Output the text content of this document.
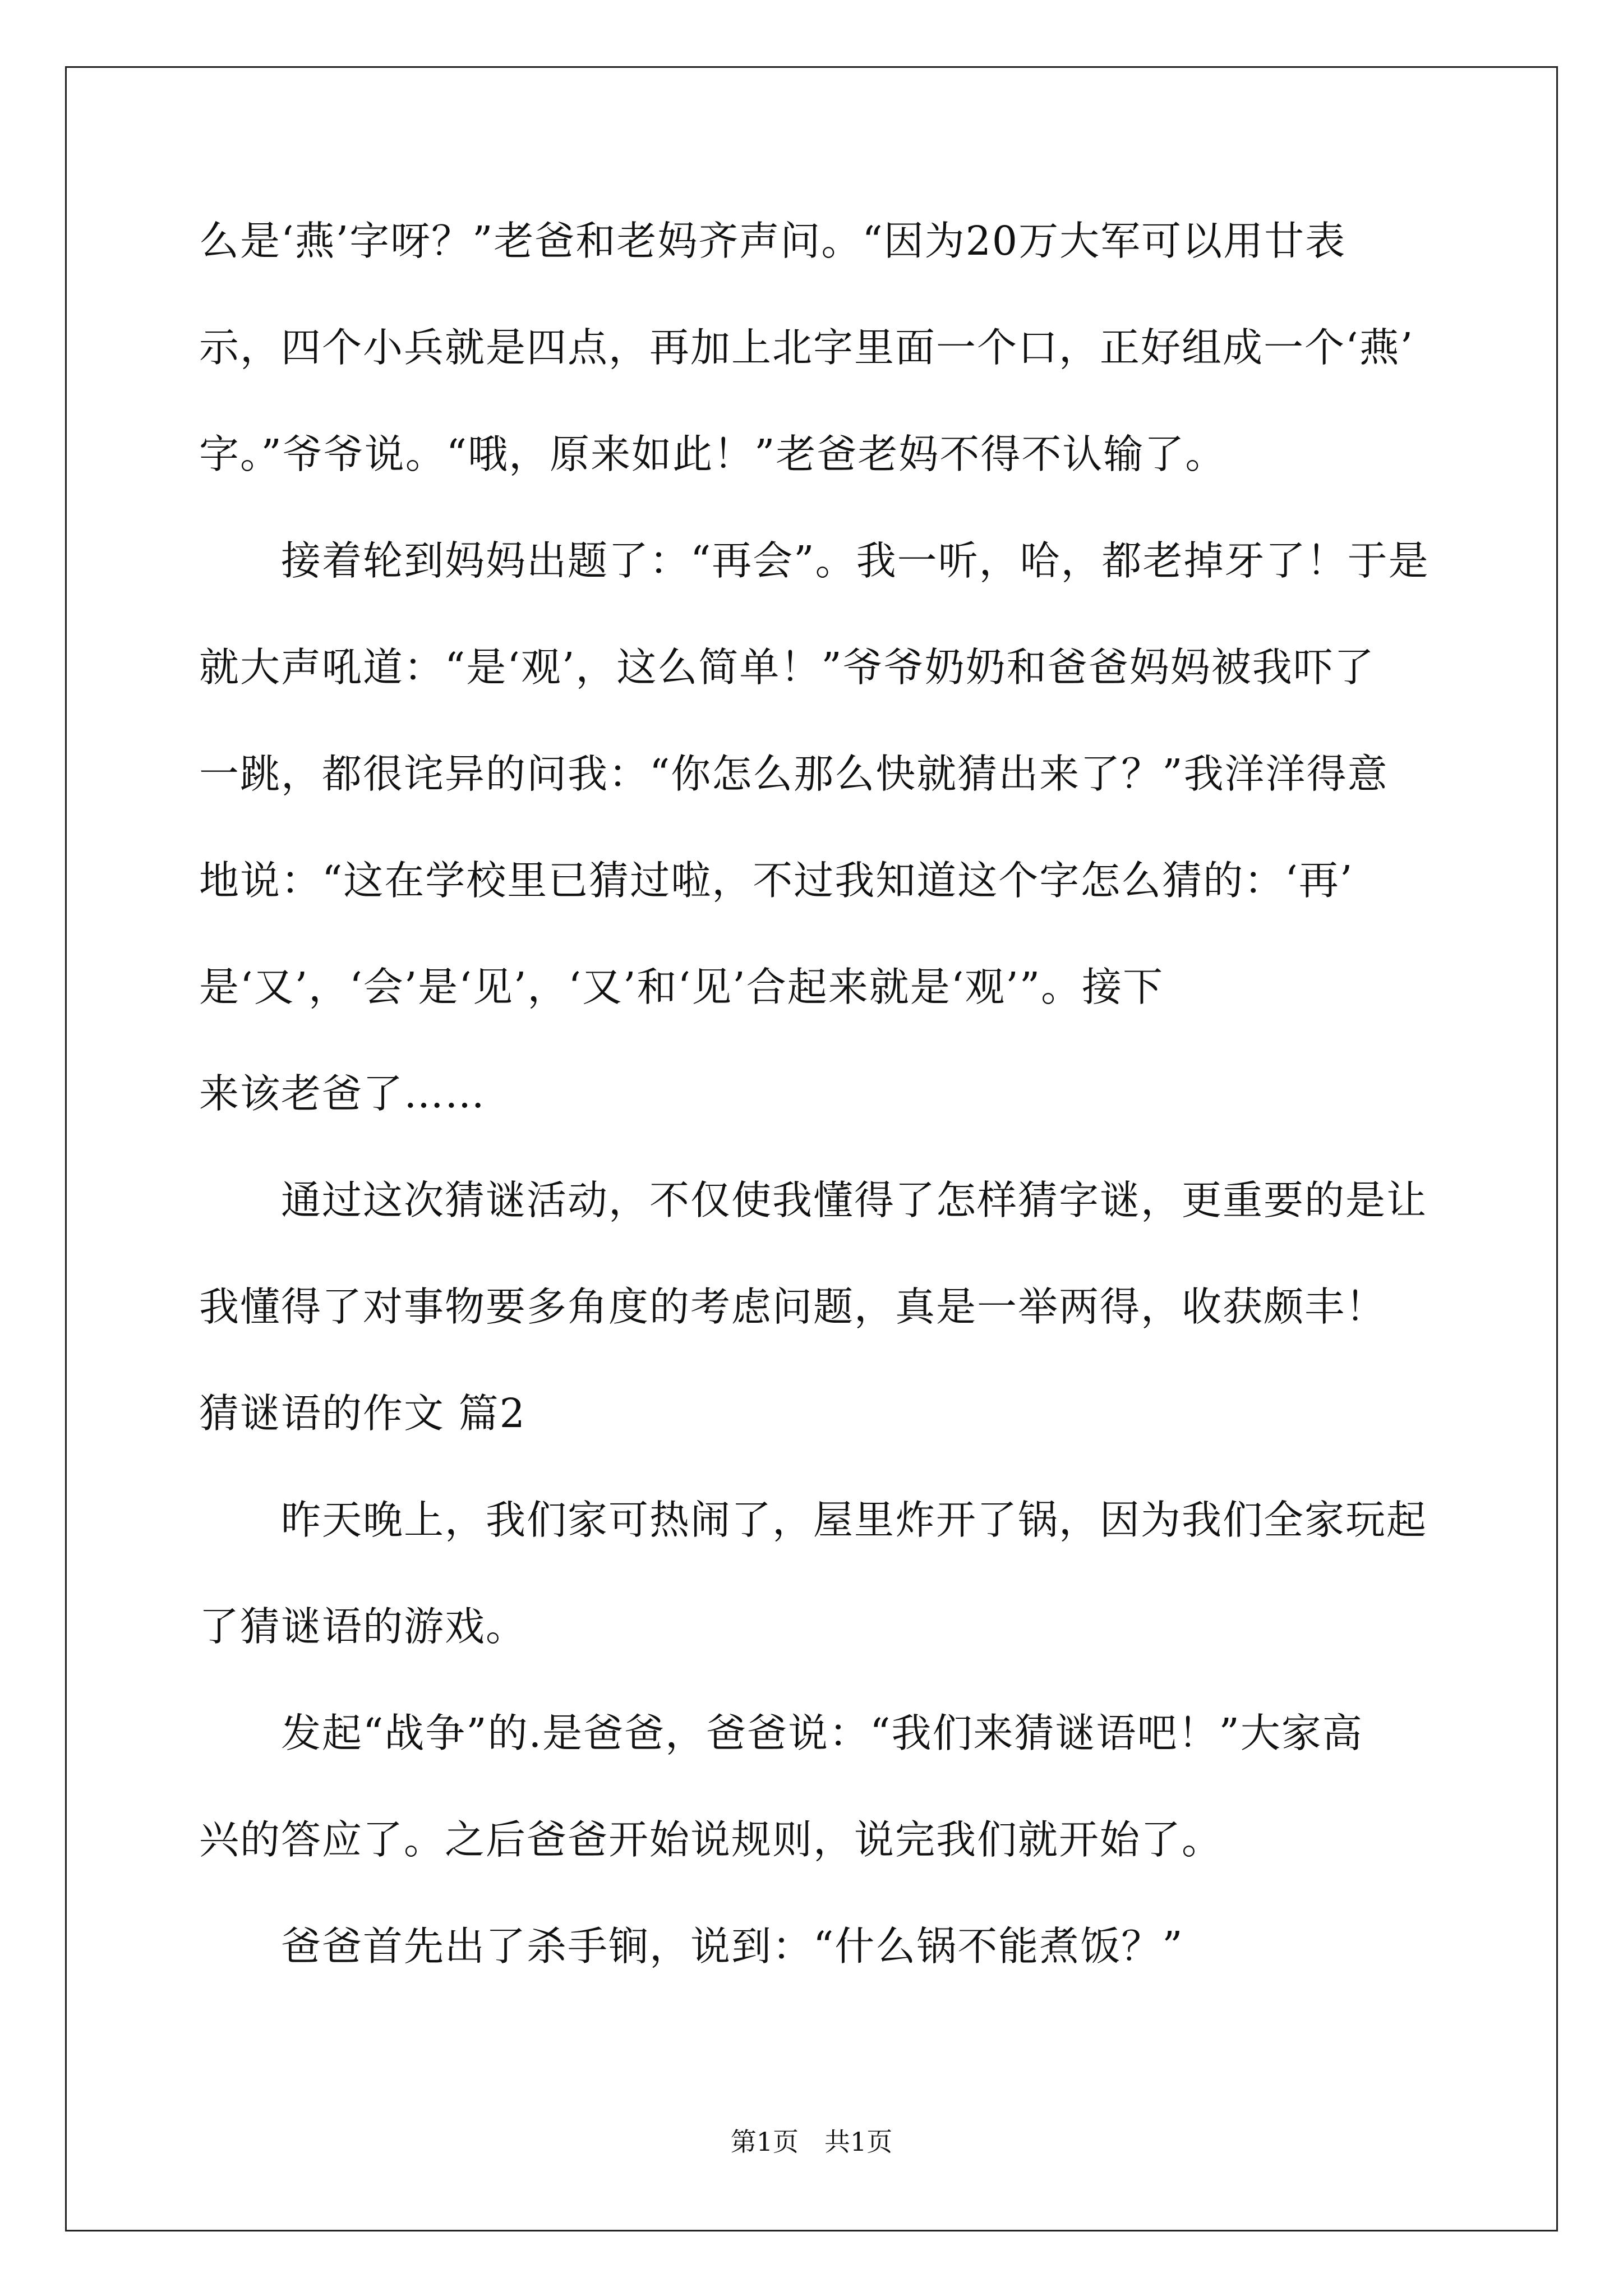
么是‘燕’字呀？”老爸和老妈齐声问。“因为20万大军可以用廿表
示，四个小兵就是四点，再加上北字里面一个口，正好组成一个‘燕’
字。”爷爷说。“哦，原来如此！”老爸老妈不得不认输了。
接着轮到妈妈出题了：“再会”。我一听，哈，都老掉牙了！于是
就大声吼道：“是‘观’，这么简单！”爷爷奶奶和爸爸妈妈被我吓了
一跳，都很诧异的问我：“你怎么那么快就猜出来了？”我洋洋得意
地说：“这在学校里已猜过啦，不过我知道这个字怎么猜的：‘再’
是‘又’，‘会’是‘见’，‘又’和‘见’合起来就是‘观’”。接下
来该老爸了……
通过这次猜谜活动，不仅使我懂得了怎样猜字谜，更重要的是让
我懂得了对事物要多角度的考虑问题，真是一举两得，收获颇丰！
猜谜语的作文 篇2
昨天晚上，我们家可热闹了，屋里炸开了锅，因为我们全家玩起
了猜谜语的游戏。
发起“战争”的.是爸爸，爸爸说：“我们来猜谜语吧！”大家高
兴的答应了。之后爸爸开始说规则，说完我们就开始了。
爸爸首先出了杀手锏，说到：“什么锅不能煮饭？”
第1页　共1页
